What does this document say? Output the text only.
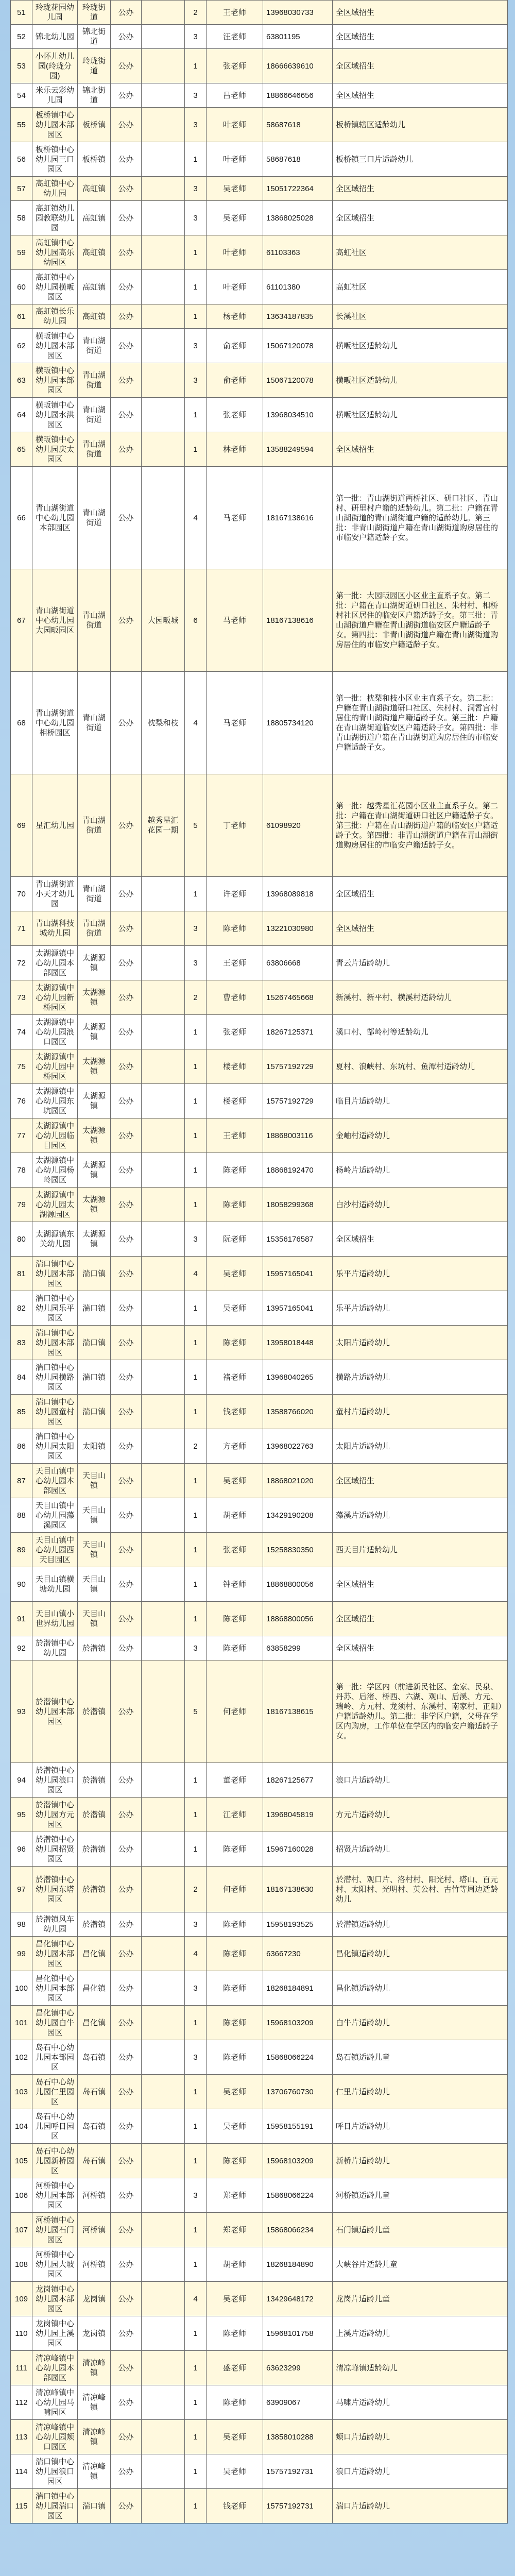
51	玲珑花园幼儿园	玲珑街道	公办		2	王老师	13968030733	全区域招生
52	锦北幼儿园	锦北街道	公办		3	汪老师	63801195	全区域招生
53	小怀儿幼儿园(玲珑分园)	玲珑街道	公办		1	张老师	18666639610	全区域招生
54	米乐云彩幼儿园	锦北街道	公办		3	吕老师	18866646656	全区域招生
55	板桥镇中心幼儿园本部园区	板桥镇	公办		3	叶老师	58687618	板桥镇辖区适龄幼儿
56	板桥镇中心幼儿园三口园区	板桥镇	公办		1	叶老师	58687618	板桥镇三口片适龄幼儿
57	高虹镇中心幼儿园	高虹镇	公办		3	吴老师	15051722364	全区域招生
58	高虹镇幼儿园教联幼儿园	高虹镇	公办		3	吴老师	13868025028	全区域招生
59	高虹镇中心幼儿园高乐幼园区	高虹镇	公办		1	叶老师	61103363	高虹社区
60	高虹镇中心幼儿园横畈园区	高虹镇	公办		1	叶老师	61101380	高虹社区
61	高虹镇长乐幼儿园	高虹镇	公办		1	杨老师	13634187835	长溪社区
62	横畈镇中心幼儿园本部园区	青山湖街道	公办		3	俞老师	15067120078	横畈社区适龄幼儿
63	横畈镇中心幼儿园本部园区	青山湖街道	公办		3	俞老师	15067120078	横畈社区适龄幼儿
64	横畈镇中心幼儿园水洪园区	青山湖街道	公办		1	张老师	13968034510	横畈社区适龄幼儿
65	横畈镇中心幼儿园庆太园区	青山湖街道	公办		1	林老师	13588249594	全区域招生
66	青山湖街道中心幼儿园本部园区	青山湖街道	公办		4	马老师	18167138616	第一批：青山湖街道两桥社区、研口社区、青山村、研里村户籍的适龄幼儿。第二批：户籍在青山湖街道的青山湖街道户籍的适龄幼儿。第三批：非青山湖街道户籍在青山湖街道购房居住的市临安户籍适龄子女。
67	青山湖街道中心幼儿园大园畈园区	青山湖街道	公办	大园畈城	6	马老师	18167138616	第一批：大园畈园区小区业主直系子女。第二批：户籍在青山湖街道研口社区、朱村村、相桥村社区居住的临安区户籍适龄子女。第三批：青山湖街道户籍在青山湖街道临安区户籍适龄子女。第四批：非青山湖街道户籍在青山湖街道购房居住的市临安户籍适龄子女。
68	青山湖街道中心幼儿园相桥园区	青山湖街道	公办	枕梨和枝	4	马老师	18805734120	第一批：枕梨和枝小区业主直系子女。第二批：户籍在青山湖街道研口社区、朱村村、洞霄宫村居住的青山湖街道户籍适龄子女。第三批：户籍在青山湖街道临安区户籍适龄子女。第四批：非青山湖街道户籍在青山湖街道购房居住的市临安户籍适龄子女。
69	星汇幼儿园	青山湖街道	公办	越秀星汇花园一期	5	丁老师	61098920	第一批：越秀星汇花园小区业主直系子女。第二批：户籍在青山湖街道研口社区户籍适龄子女。第三批：户籍在青山湖街道户籍的临安区户籍适龄子女。第四批：非青山湖街道户籍在青山湖街道购房居住的市临安户籍适龄子女。
70	青山湖街道小天才幼儿园	青山湖街道	公办		1	许老师	13968089818	全区域招生
71	青山湖科技城幼儿园	青山湖街道	公办		3	陈老师	13221030980	全区域招生
72	太湖源镇中心幼儿园本部园区	太湖源镇	公办		3	王老师	63806668	青云片适龄幼儿
73	太湖源镇中心幼儿园新桥园区	太湖源镇	公办		2	曹老师	15267465668	新溪村、新平村、横溪村适龄幼儿
74	太湖源镇中心幼儿园浪口园区	太湖源镇	公办		1	张老师	18267125371	溪口村、郜岭村等适龄幼儿
75	太湖源镇中心幼儿园中桥园区	太湖源镇	公办		1	楼老师	15757192729	夏村、浪峡村、东坑村、鱼潭村适龄幼儿
76	太湖源镇中心幼儿园东坑园区	太湖源镇	公办		1	楼老师	15757192729	临目片适龄幼儿
77	太湖源镇中心幼儿园临目园区	太湖源镇	公办		1	王老师	18868003116	金岫村适龄幼儿
78	太湖源镇中心幼儿园杨岭园区	太湖源镇	公办		1	陈老师	18868192470	杨岭片适龄幼儿
79	太湖源镇中心幼儿园太湖源园区	太湖源镇	公办		1	陈老师	18058299368	白沙村适龄幼儿
80	太湖源镇东关幼儿园	太湖源镇	公办		3	阮老师	15356176587	全区域招生
81	湍口镇中心幼儿园本部园区	湍口镇	公办		4	吴老师	15957165041	乐平片适龄幼儿
82	湍口镇中心幼儿园乐平园区	湍口镇	公办		1	吴老师	13957165041	乐平片适龄幼儿
83	湍口镇中心幼儿园本部园区	湍口镇	公办		1	陈老师	13958018448	太阳片适龄幼儿
84	湍口镇中心幼儿园横路园区	湍口镇	公办		1	褚老师	13968040265	横路片适龄幼儿
85	湍口镇中心幼儿园童村园区	湍口镇	公办		1	钱老师	13588766020	童村片适龄幼儿
86	湍口镇中心幼儿园太阳园区	太阳镇	公办		2	方老师	13968022763	太阳片适龄幼儿
87	天目山镇中心幼儿园本部园区	天目山镇	公办		1	吴老师	18868021020	全区域招生
88	天目山镇中心幼儿园藻溪园区	天目山镇	公办		1	胡老师	13429190208	藻溪片适龄幼儿
89	天目山镇中心幼儿园西天目园区	天目山镇	公办		1	张老师	15258830350	西天目片适龄幼儿
90	天目山镇横塘幼儿园	天目山镇	公办		1	钟老师	18868800056	全区域招生
91	天目山镇小世界幼儿园	天目山镇	公办		1	陈老师	18868800056	全区域招生
92	於潜镇中心幼儿园	於潜镇	公办		3	陈老师	63858299	全区域招生
93	於潜镇中心幼儿园本部园区	於潜镇	公办		5	何老师	18167138615	第一批：学区内（前进新民社区、金家、民泉、丹苏、后渚、桥西、六湖、观山、后溪、方元、瑞岭、方元村、龙须村、东溪村、南家村、正阳）户籍适龄幼儿。第二批：非学区户籍，父母在学区内购房，工作单位在学区内的临安户籍适龄子女。
94	於潜镇中心幼儿园浪口园区	於潜镇	公办		1	董老师	18267125677	浪口片适龄幼儿
95	於潜镇中心幼儿园方元园区	於潜镇	公办		1	江老师	13968045819	方元片适龄幼儿
96	於潜镇中心幼儿园招贤园区	於潜镇	公办		1	陈老师	15967160028	招贤片适龄幼儿
97	於潜镇中心幼儿园东塔园区	於潜镇	公办		2	何老师	18167138630	於潜村、观口片、洛村村、阳光村、塔山、百元村、太阳村、光明村、英公村、古竹等周边适龄幼儿
98	於潜镇风车幼儿园	於潜镇	公办		3	陈老师	15958193525	於潜镇适龄幼儿
99	昌化镇中心幼儿园本部园区	昌化镇	公办		4	陈老师	63667230	昌化镇适龄幼儿
100	昌化镇中心幼儿园本部园区	昌化镇	公办		3	陈老师	18268184891	昌化镇适龄幼儿
101	昌化镇中心幼儿园白牛园区	昌化镇	公办		1	陈老师	15968103209	白牛片适龄幼儿
102	岛石中心幼儿园本部园区	岛石镇	公办		3	陈老师	15868066224	岛石镇适龄儿童
103	岛石中心幼儿园仁里园区	岛石镇	公办		1	吴老师	13706760730	仁里片适龄幼儿
104	岛石中心幼儿园呼日园区	岛石镇	公办		1	吴老师	15958155191	呼日片适龄幼儿
105	岛石中心幼儿园新桥园区	岛石镇	公办		1	陈老师	15968103209	新桥片适龄幼儿
106	河桥镇中心幼儿园本部园区	河桥镇	公办		3	郑老师	15868066224	河桥镇适龄儿童
107	河桥镇中心幼儿园石门园区	河桥镇	公办		1	郑老师	15868066234	石门镇适龄儿童
108	河桥镇中心幼儿园大坡园区	河桥镇	公办		1	胡老师	18268184890	大峡谷片适龄儿童
109	龙岗镇中心幼儿园本部园区	龙岗镇	公办		4	吴老师	13429648172	龙岗片适龄儿童
110	龙岗镇中心幼儿园上溪园区	龙岗镇	公办		1	陈老师	15968101758	上溪片适龄幼儿
111	清凉峰镇中心幼儿园本部园区	清凉峰镇	公办		1	盛老师	63623299	清凉峰镇适龄幼儿
112	清凉峰镇中心幼儿园马啸园区	清凉峰镇	公办		1	陈老师	63909067	马啸片适龄幼儿
113	清凉峰镇中心幼儿园颊口园区	清凉峰镇	公办		1	吴老师	13858010288	颊口片适龄幼儿
114	湍口镇中心幼儿园浪口园区	清凉峰镇	公办		1	吴老师	15757192731	浪口片适龄幼儿
115	湍口镇中心幼儿园湍口园区	湍口镇	公办		1	钱老师	15757192731	湍口片适龄幼儿
